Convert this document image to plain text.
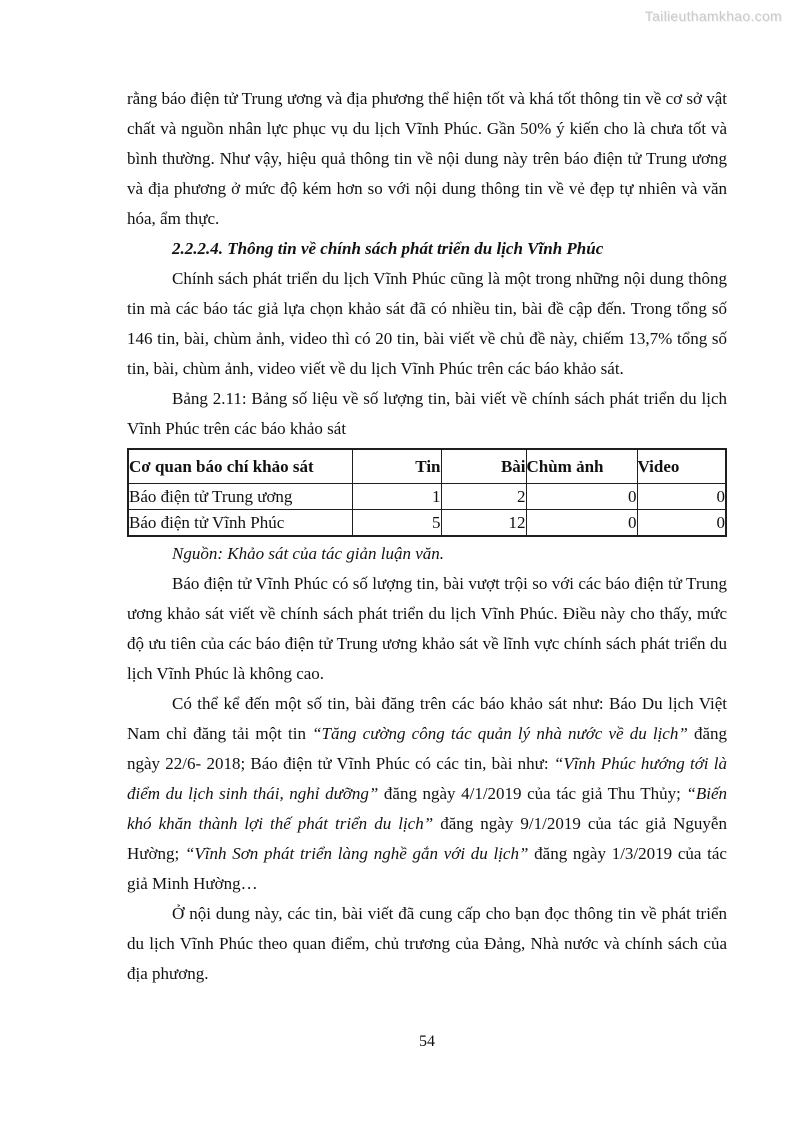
Tailieuthamkhao.com

rằng báo điện tử Trung ương và địa phương thể hiện tốt và khá tốt thông tin về cơ sở vật chất và nguồn nhân lực phục vụ du lịch Vĩnh Phúc. Gần 50% ý kiến cho là chưa tốt và bình thường. Như vậy, hiệu quả thông tin về nội dung này trên báo điện tử Trung ương và địa phương ở mức độ kém hơn so với nội dung thông tin về vẻ đẹp tự nhiên và văn hóa, ẩm thực.

2.2.2.4. Thông tin về chính sách phát triển du lịch Vĩnh Phúc

Chính sách phát triển du lịch Vĩnh Phúc cũng là một trong những nội dung thông tin mà các báo tác giả lựa chọn khảo sát đã có nhiều tin, bài đề cập đến. Trong tổng số 146 tin, bài, chùm ảnh, video thì có 20 tin, bài viết về chủ đề này, chiếm 13,7% tổng số tin, bài, chùm ảnh, video viết về du lịch Vĩnh Phúc trên các báo khảo sát.

Bảng 2.11: Bảng số liệu về số lượng tin, bài viết về chính sách phát triển du lịch Vĩnh Phúc trên các báo khảo sát

Cơ quan báo chí khảo sát	Tin	Bài	Chùm ảnh	Video
Báo điện tử Trung ương	1	2	0	0
Báo điện tử Vĩnh Phúc	5	12	0	0

Nguồn: Khảo sát của tác giản luận văn.

Báo điện tử Vĩnh Phúc có số lượng tin, bài vượt trội so với các báo điện tử Trung ương khảo sát viết về chính sách phát triển du lịch Vĩnh Phúc. Điều này cho thấy, mức độ ưu tiên của các báo điện tử Trung ương khảo sát về lĩnh vực chính sách phát triển du lịch Vĩnh Phúc là không cao.

Có thể kể đến một số tin, bài đăng trên các báo khảo sát như: Báo Du lịch Việt Nam chỉ đăng tải một tin “Tăng cường công tác quản lý nhà nước về du lịch” đăng ngày 22/6- 2018; Báo điện tử Vĩnh Phúc có các tin, bài như: “Vĩnh Phúc hướng tới là điểm du lịch sinh thái, nghỉ dưỡng” đăng ngày 4/1/2019 của tác giả Thu Thủy; “Biến khó khăn thành lợi thế phát triển du lịch” đăng ngày 9/1/2019 của tác giả Nguyễn Hường; “Vĩnh Sơn phát triển làng nghề gắn với du lịch” đăng ngày 1/3/2019 của tác giả Minh Hường…

Ở nội dung này, các tin, bài viết đã cung cấp cho bạn đọc thông tin về phát triển du lịch Vĩnh Phúc theo quan điểm, chủ trương của Đảng, Nhà nước và chính sách của địa phương.

54
